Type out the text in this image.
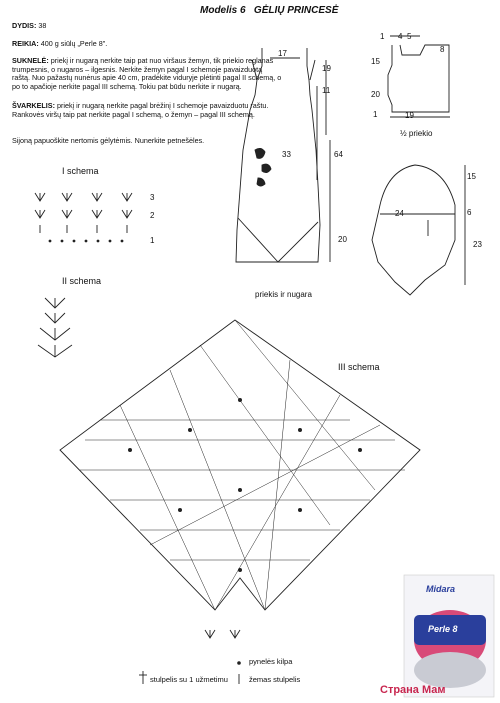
Modelis 6 GĖLIŲ PRINCESĖ
DYDIS: 38
REIKIA: 400 g siūlų „Perle 8".
SUKNELĖ: priekį ir nugarą nerkite taip pat nuo viršaus žemyn, tik priekio reglanas trumpesnis, o nugaros – ilgesnis. Nerkite žemyn pagal I schemoje pavaizduotą raštą. Nuo pažastų nunėrus apie 40 cm, pradėkite viduryje plėtinti pagal II schemą, o po to apačioje nerkite pagal III schemą. Tokiu pat būdu nerkite ir nugarą.
ŠVARKELIS: priekį ir nugarą nerkite pagal brėžinį I schemoje pavaizduotu raštu. Rankovės viršų taip pat nerkite pagal I schemą, o žemyn – pagal III schemą.
Sijoną papuoškite nertomis gėlytėmis. Nunerkite petnešėles.
17
19
11
33	64
20
priekis ir nugara
4 5
1
8
15
20
19
1
½ priekio
15
24	6
23
I schema
3
2
1
II schema
III schema
pynelės kilpa
stulpelis su 1 užmetimu	žemas stulpelis
Midara
Perle 8
Страна Мам
